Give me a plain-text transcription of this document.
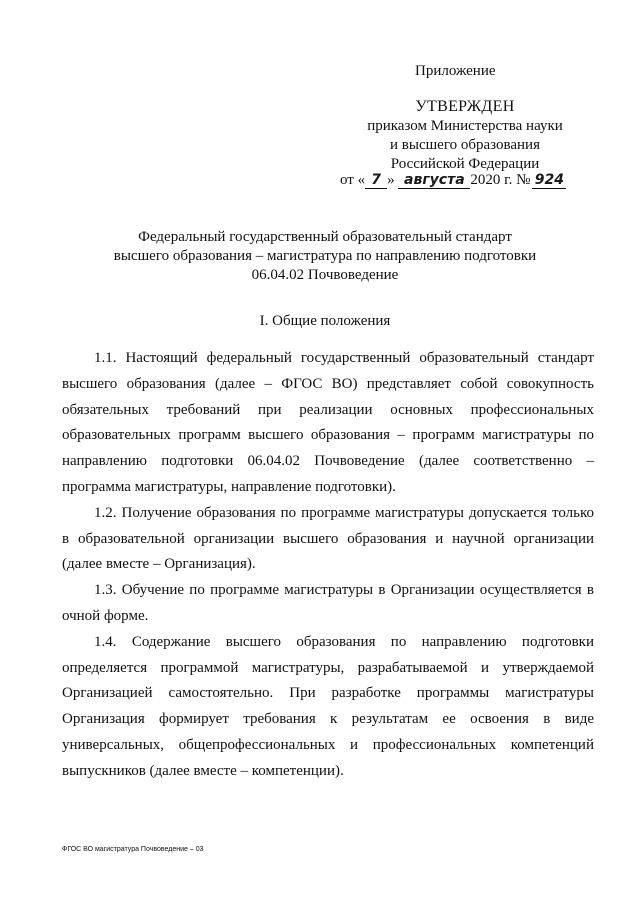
Приложение
УТВЕРЖДЕН
приказом Министерства науки
и высшего образования
Российской Федерации
от « 7 » августа 2020 г. № 924
Федеральный государственный образовательный стандарт
высшего образования – магистратура по направлению подготовки
06.04.02 Почвоведение
I. Общие положения

1.1. Настоящий федеральный государственный образовательный стандарт высшего образования (далее – ФГОС ВО) представляет собой совокупность обязательных требований при реализации основных профессиональных образовательных программ высшего образования – программ магистратуры по направлению подготовки 06.04.02 Почвоведение (далее соответственно – программа магистратуры, направление подготовки).

1.2. Получение образования по программе магистратуры допускается только в образовательной организации высшего образования и научной организации (далее вместе – Организация).

1.3. Обучение по программе магистратуры в Организации осуществляется в очной форме.

1.4. Содержание высшего образования по направлению подготовки определяется программой магистратуры, разрабатываемой и утверждаемой Организацией самостоятельно. При разработке программы магистратуры Организация формирует требования к результатам ее освоения в виде универсальных, общепрофессиональных и профессиональных компетенций выпускников (далее вместе – компетенции).

ФГОС ВО магистратура Почвоведение – 03
